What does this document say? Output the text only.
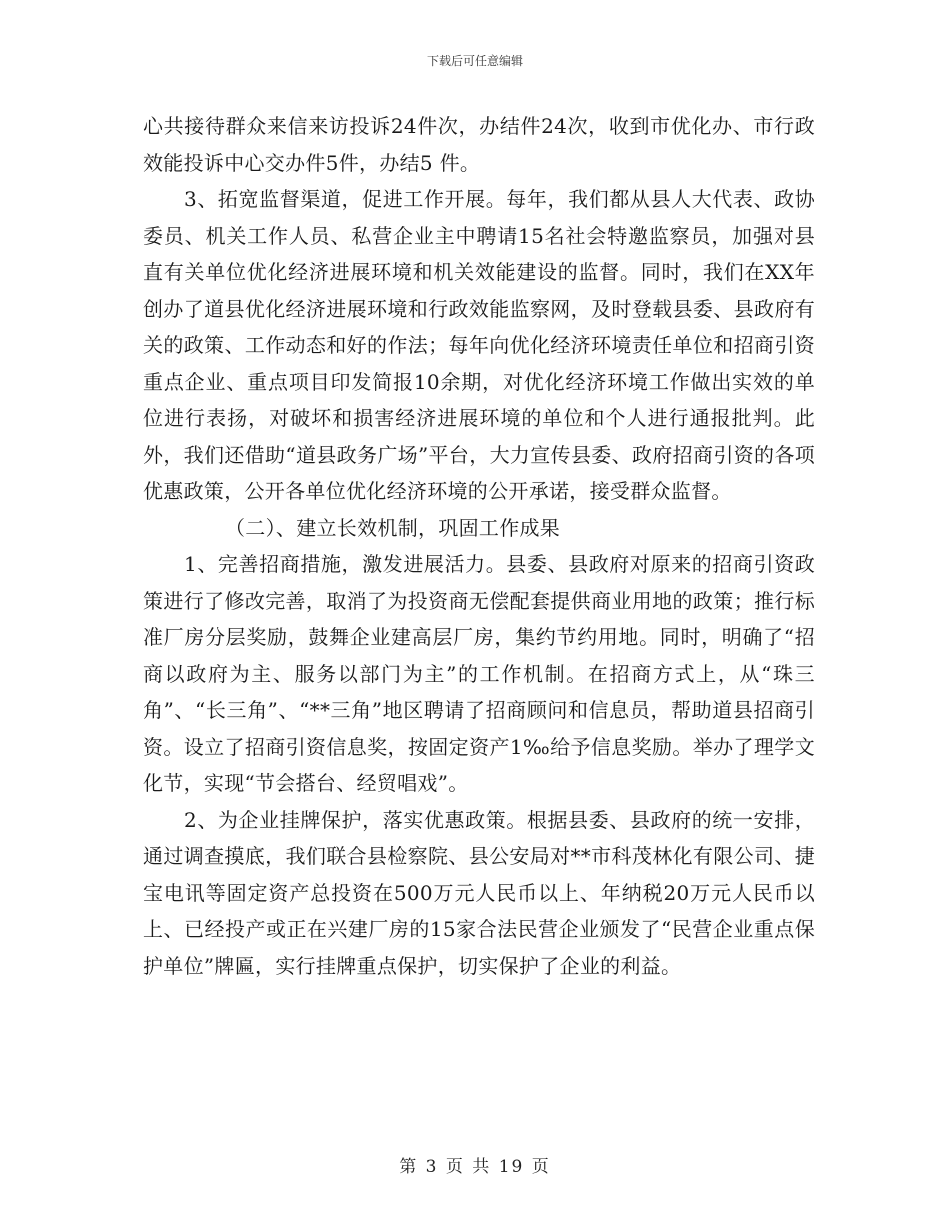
下载后可任意编辑

心共接待群众来信来访投诉24件次，办结件24次，收到市优化办、市行政效能投诉中心交办件5件，办结5 件。

3、拓宽监督渠道，促进工作开展。每年，我们都从县人大代表、政协委员、机关工作人员、私营企业主中聘请15名社会特邀监察员，加强对县直有关单位优化经济进展环境和机关效能建设的监督。同时，我们在XX年创办了道县优化经济进展环境和行政效能监察网，及时登载县委、县政府有关的政策、工作动态和好的作法；每年向优化经济环境责任单位和招商引资重点企业、重点项目印发简报10余期，对优化经济环境工作做出实效的单位进行表扬，对破坏和损害经济进展环境的单位和个人进行通报批判。此外，我们还借助“道县政务广场”平台，大力宣传县委、政府招商引资的各项优惠政策，公开各单位优化经济环境的公开承诺，接受群众监督。

（二）、建立长效机制，巩固工作成果

1、完善招商措施，激发进展活力。县委、县政府对原来的招商引资政策进行了修改完善，取消了为投资商无偿配套提供商业用地的政策；推行标准厂房分层奖励，鼓舞企业建高层厂房，集约节约用地。同时，明确了“招商以政府为主、服务以部门为主”的工作机制。在招商方式上，从“珠三角”、“长三角”、“**三角”地区聘请了招商顾问和信息员，帮助道县招商引资。设立了招商引资信息奖，按固定资产1‰给予信息奖励。举办了理学文化节，实现“节会搭台、经贸唱戏”。

2、为企业挂牌保护，落实优惠政策。根据县委、县政府的统一安排，通过调查摸底，我们联合县检察院、县公安局对**市科茂林化有限公司、捷宝电讯等固定资产总投资在500万元人民币以上、年纳税20万元人民币以上、已经投产或正在兴建厂房的15家合法民营企业颁发了“民营企业重点保护单位”牌匾，实行挂牌重点保护，切实保护了企业的利益。

第 3 页 共 19 页
